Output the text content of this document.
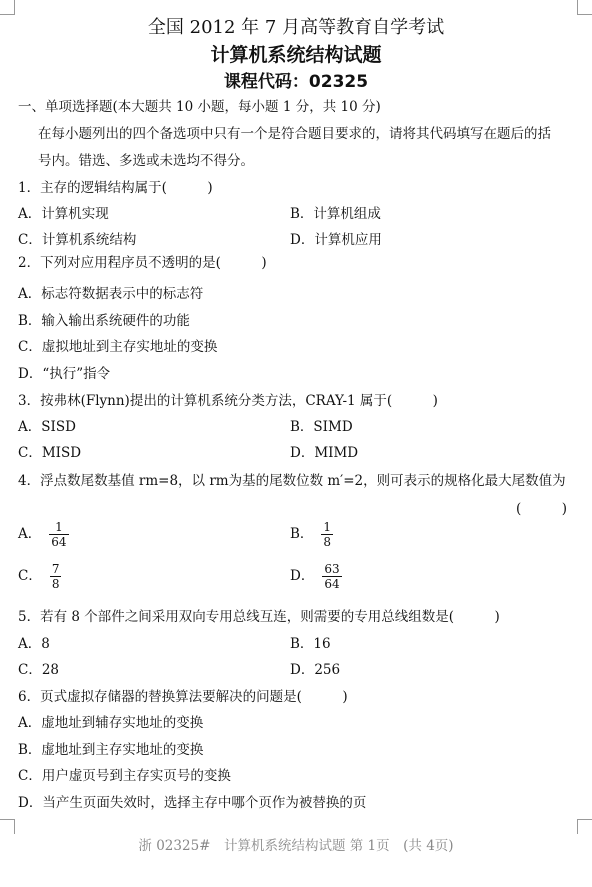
全国 2012 年 7 月高等教育自学考试
计算机系统结构试题
课程代码：02325
一、单项选择题(本大题共 10 小题，每小题 1 分，共 10 分)
在每小题列出的四个备选项中只有一个是符合题目要求的，请将其代码填写在题后的括
号内。错选、多选或未选均不得分。
1．主存的逻辑结构属于(　　　)
A．计算机实现	B．计算机组成
C．计算机系统结构	D．计算机应用
2．下列对应用程序员不透明的是(　　　)
A．标志符数据表示中的标志符
B．输入输出系统硬件的功能
C．虚拟地址到主存实地址的变换
D．“执行”指令
3．按弗林(Flynn)提出的计算机系统分类方法，CRAY-1 属于(　　　)
A．SISD	B．SIMD
C．MISD	D．MIMD
4．浮点数尾数基值 rm=8，以 rm为基的尾数位数 m′=2，则可表示的规格化最大尾数值为
(　　　)
A． $\frac{1}{64}$	B． $\frac{1}{8}$
C． $\frac{7}{8}$	D． $\frac{63}{64}$
5．若有 8 个部件之间采用双向专用总线互连，则需要的专用总线组数是(　　　)
A．8	B．16
C．28	D．256
6．页式虚拟存储器的替换算法要解决的问题是(　　　)
A．虚地址到辅存实地址的变换
B．虚地址到主存实地址的变换
C．用户虚页号到主存实页号的变换
D．当产生页面失效时，选择主存中哪个页作为被替换的页
浙 02325#　计算机系统结构试题 第 1页　(共 4页)
